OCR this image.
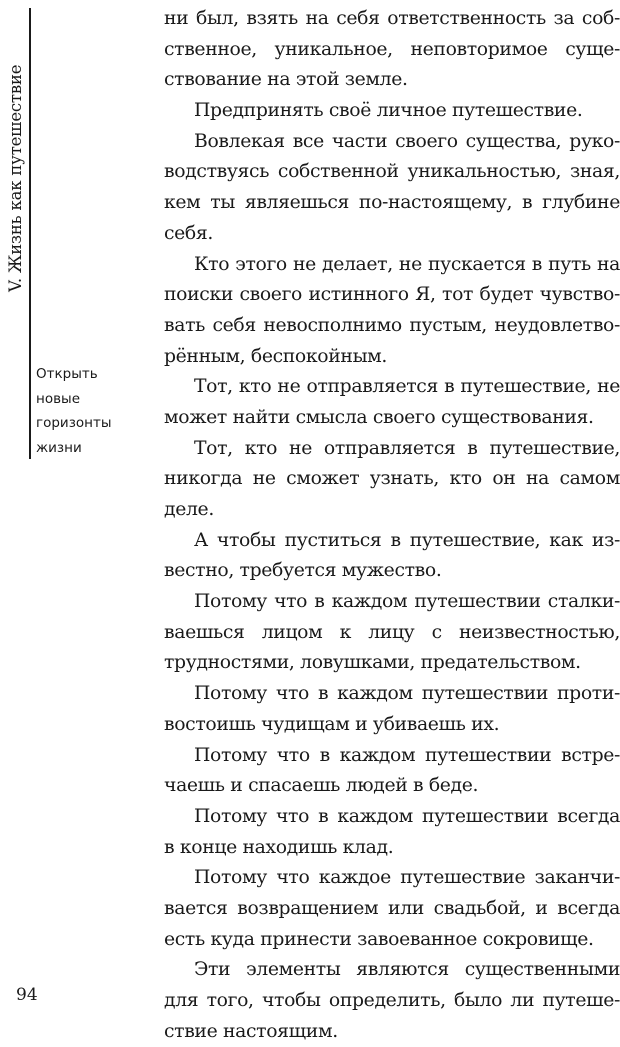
V. Жизнь как путешествие
Открыть
новые
горизонты
жизни
ни был, взять на себя ответственность за соб-
ственное, уникальное, неповторимое суще-
ствование на этой земле.
Предпринять своё личное путешествие.
Вовлекая все части своего существа, руко-
водствуясь собственной уникальностью, зная,
кем ты являешься по-настоящему, в глубине
себя.
Кто этого не делает, не пускается в путь на
поиски своего истинного Я, тот будет чувство-
вать себя невосполнимо пустым, неудовлетво-
рённым, беспокойным.
Тот, кто не отправляется в путешествие, не
может найти смысла своего существования.
Тот, кто не отправляется в путешествие,
никогда не сможет узнать, кто он на самом
деле.
А чтобы пуститься в путешествие, как из-
вестно, требуется мужество.
Потому что в каждом путешествии сталки-
ваешься лицом к лицу с неизвестностью,
трудностями, ловушками, предательством.
Потому что в каждом путешествии проти-
востоишь чудищам и убиваешь их.
Потому что в каждом путешествии встре-
чаешь и спасаешь людей в беде.
Потому что в каждом путешествии всегда
в конце находишь клад.
Потому что каждое путешествие заканчи-
вается возвращением или свадьбой, и всегда
есть куда принести завоеванное сокровище.
Эти элементы являются существенными
для того, чтобы определить, было ли путеше-
ствие настоящим.
94
